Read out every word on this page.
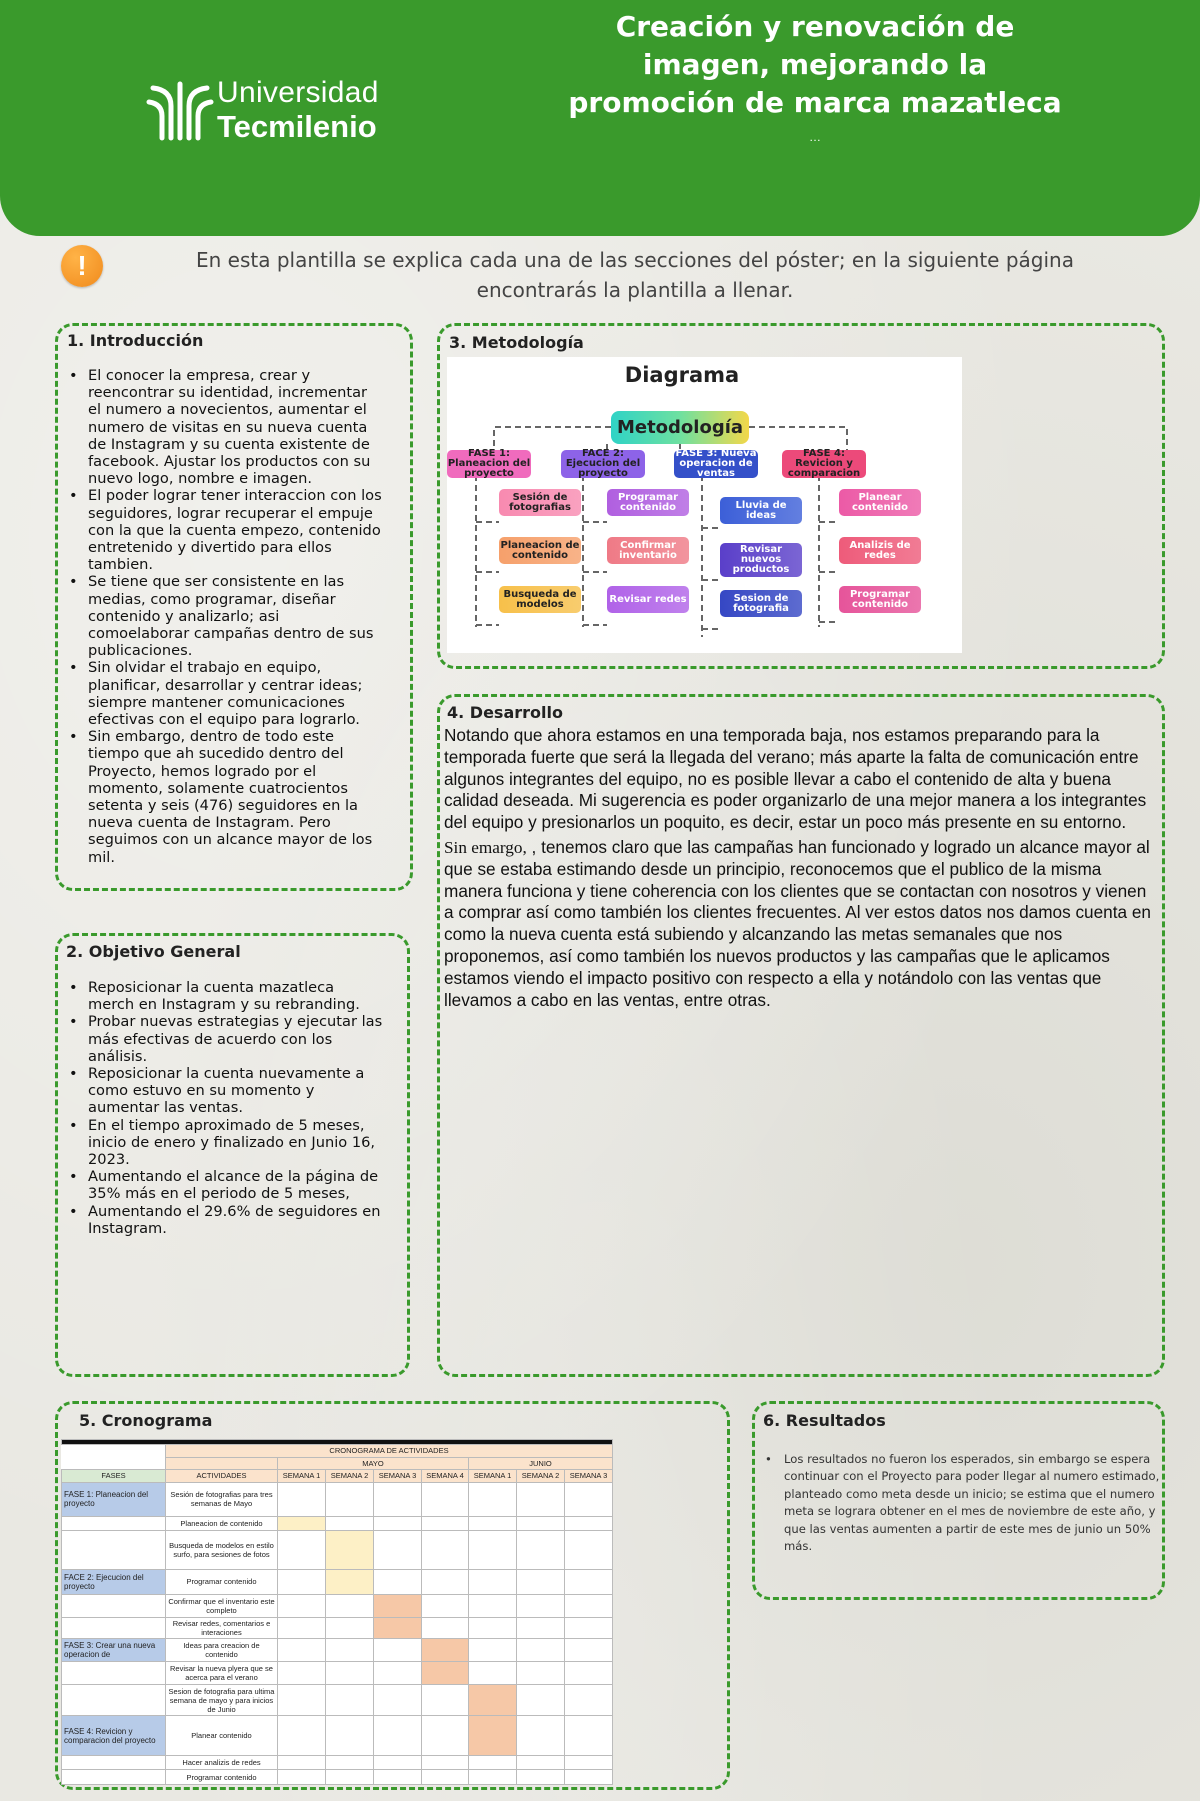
Universidad
Tecmilenio
Creación y renovación de imagen, mejorando la promoción de marca mazatleca
…
!	En esta plantilla se explica cada una de las secciones del póster; en la siguiente página encontrarás la plantilla a llenar.
1. Introducción
• El conocer la empresa, crear y reencontrar su identidad, incrementar el numero a novecientos, aumentar el numero de visitas en su nueva cuenta de Instagram y su cuenta existente de facebook. Ajustar los productos con su nuevo logo, nombre e imagen.
• El poder lograr tener interaccion con los seguidores, lograr recuperar el empuje con la que la cuenta empezo, contenido entretenido y divertido para ellos tambien.
• Se tiene que ser consistente en las medias, como programar, diseñar contenido y analizarlo; asi comoelaborar campañas dentro de sus publicaciones.
• Sin olvidar el trabajo en equipo, planificar, desarrollar y centrar ideas; siempre mantener comunicaciones efectivas con el equipo para lograrlo.
• Sin embargo, dentro de todo este tiempo que ah sucedido dentro del Proyecto, hemos logrado por el momento, solamente cuatrocientos setenta y seis (476) seguidores en la nueva cuenta de Instagram. Pero seguimos con un alcance mayor de los mil.
2. Objetivo General
• Reposicionar la cuenta mazatleca merch en Instagram y su rebranding.
• Probar nuevas estrategias y ejecutar las más efectivas de acuerdo con los análisis.
• Reposicionar la cuenta nuevamente a como estuvo en su momento y aumentar las ventas.
• En el tiempo aproximado de 5 meses, inicio de enero y finalizado en Junio 16, 2023.
• Aumentando el alcance de la página de 35% más en el periodo de 5 meses,
• Aumentando el 29.6% de seguidores en Instagram.
3. Metodología
Diagrama
Metodología
FASE 1: Planeacion del proyecto
Sesión de fotografias
Planeacion de contenido
Busqueda de modelos
FACE 2: Ejecucion del proyecto
Programar contenido
Confirmar inventario
Revisar redes
FASE 3: Nueva operacion de ventas
Lluvia de ideas
Revisar nuevos productos
Sesion de fotografia
FASE 4: Revicion y comparacion
Planear contenido
Analizis de redes
Programar contenido
4. Desarrollo

Notando que ahora estamos en una temporada baja, nos estamos preparando para la temporada fuerte que será la llegada del verano; más aparte la falta de comunicación entre algunos integrantes del equipo, no es posible llevar a cabo el contenido de alta y buena calidad deseada. Mi sugerencia es poder organizarlo de una mejor manera a los integrantes del equipo y presionarlos un poquito, es decir, estar un poco más presente en su entorno.

Sin emargo, , tenemos claro que las campañas han funcionado y logrado un alcance mayor al que se estaba estimando desde un principio, reconocemos que el publico de la misma manera funciona y tiene coherencia con los clientes que se contactan con nosotros y vienen a comprar así como también los clientes frecuentes. Al ver estos datos nos damos cuenta en como la nueva cuenta está subiendo y alcanzando las metas semanales que nos proponemos, así como también los nuevos productos y las campañas que le aplicamos estamos viendo el impacto positivo con respecto a ella y notándolo con las ventas que llevamos a cabo en las ventas, entre otras.

5. Cronograma

	CRONOGRAMA DE ACTIVIDADES							
		MAYO				JUNIO		
FASES	ACTIVIDADES	SEMANA 1	SEMANA 2	SEMANA 3	SEMANA 4	SEMANA 1	SEMANA 2	SEMANA 3
FASE 1: Planeacion del proyecto	Sesión de fotografias para tres semanas de Mayo							
	Planeacion de contenido							
	Busqueda de modelos en estilo surfo, para sesiones de fotos							
FACE 2: Ejecucion del proyecto	Programar contenido							
	Confirmar que el inventario este completo							
	Revisar redes, comentarios e interaciones							
FASE 3: Crear una nueva operacion de	Ideas para creacion de contenido							
	Revisar la nueva plyera que se acerca para el verano							
	Sesion de fotografia para ultima semana de mayo y para inicios de Junio							
FASE 4: Revicion y comparacion del proyecto	Planear contenido							
	Hacer analizis de redes							
	Programar contenido							
6. Resultados
• Los resultados no fueron los esperados, sin embargo se espera continuar con el Proyecto para poder llegar al numero estimado, planteado como meta desde un inicio; se estima que el numero meta se lograra obtener en el mes de noviembre de este año, y que las ventas aumenten a partir de este mes de junio un 50% más.
